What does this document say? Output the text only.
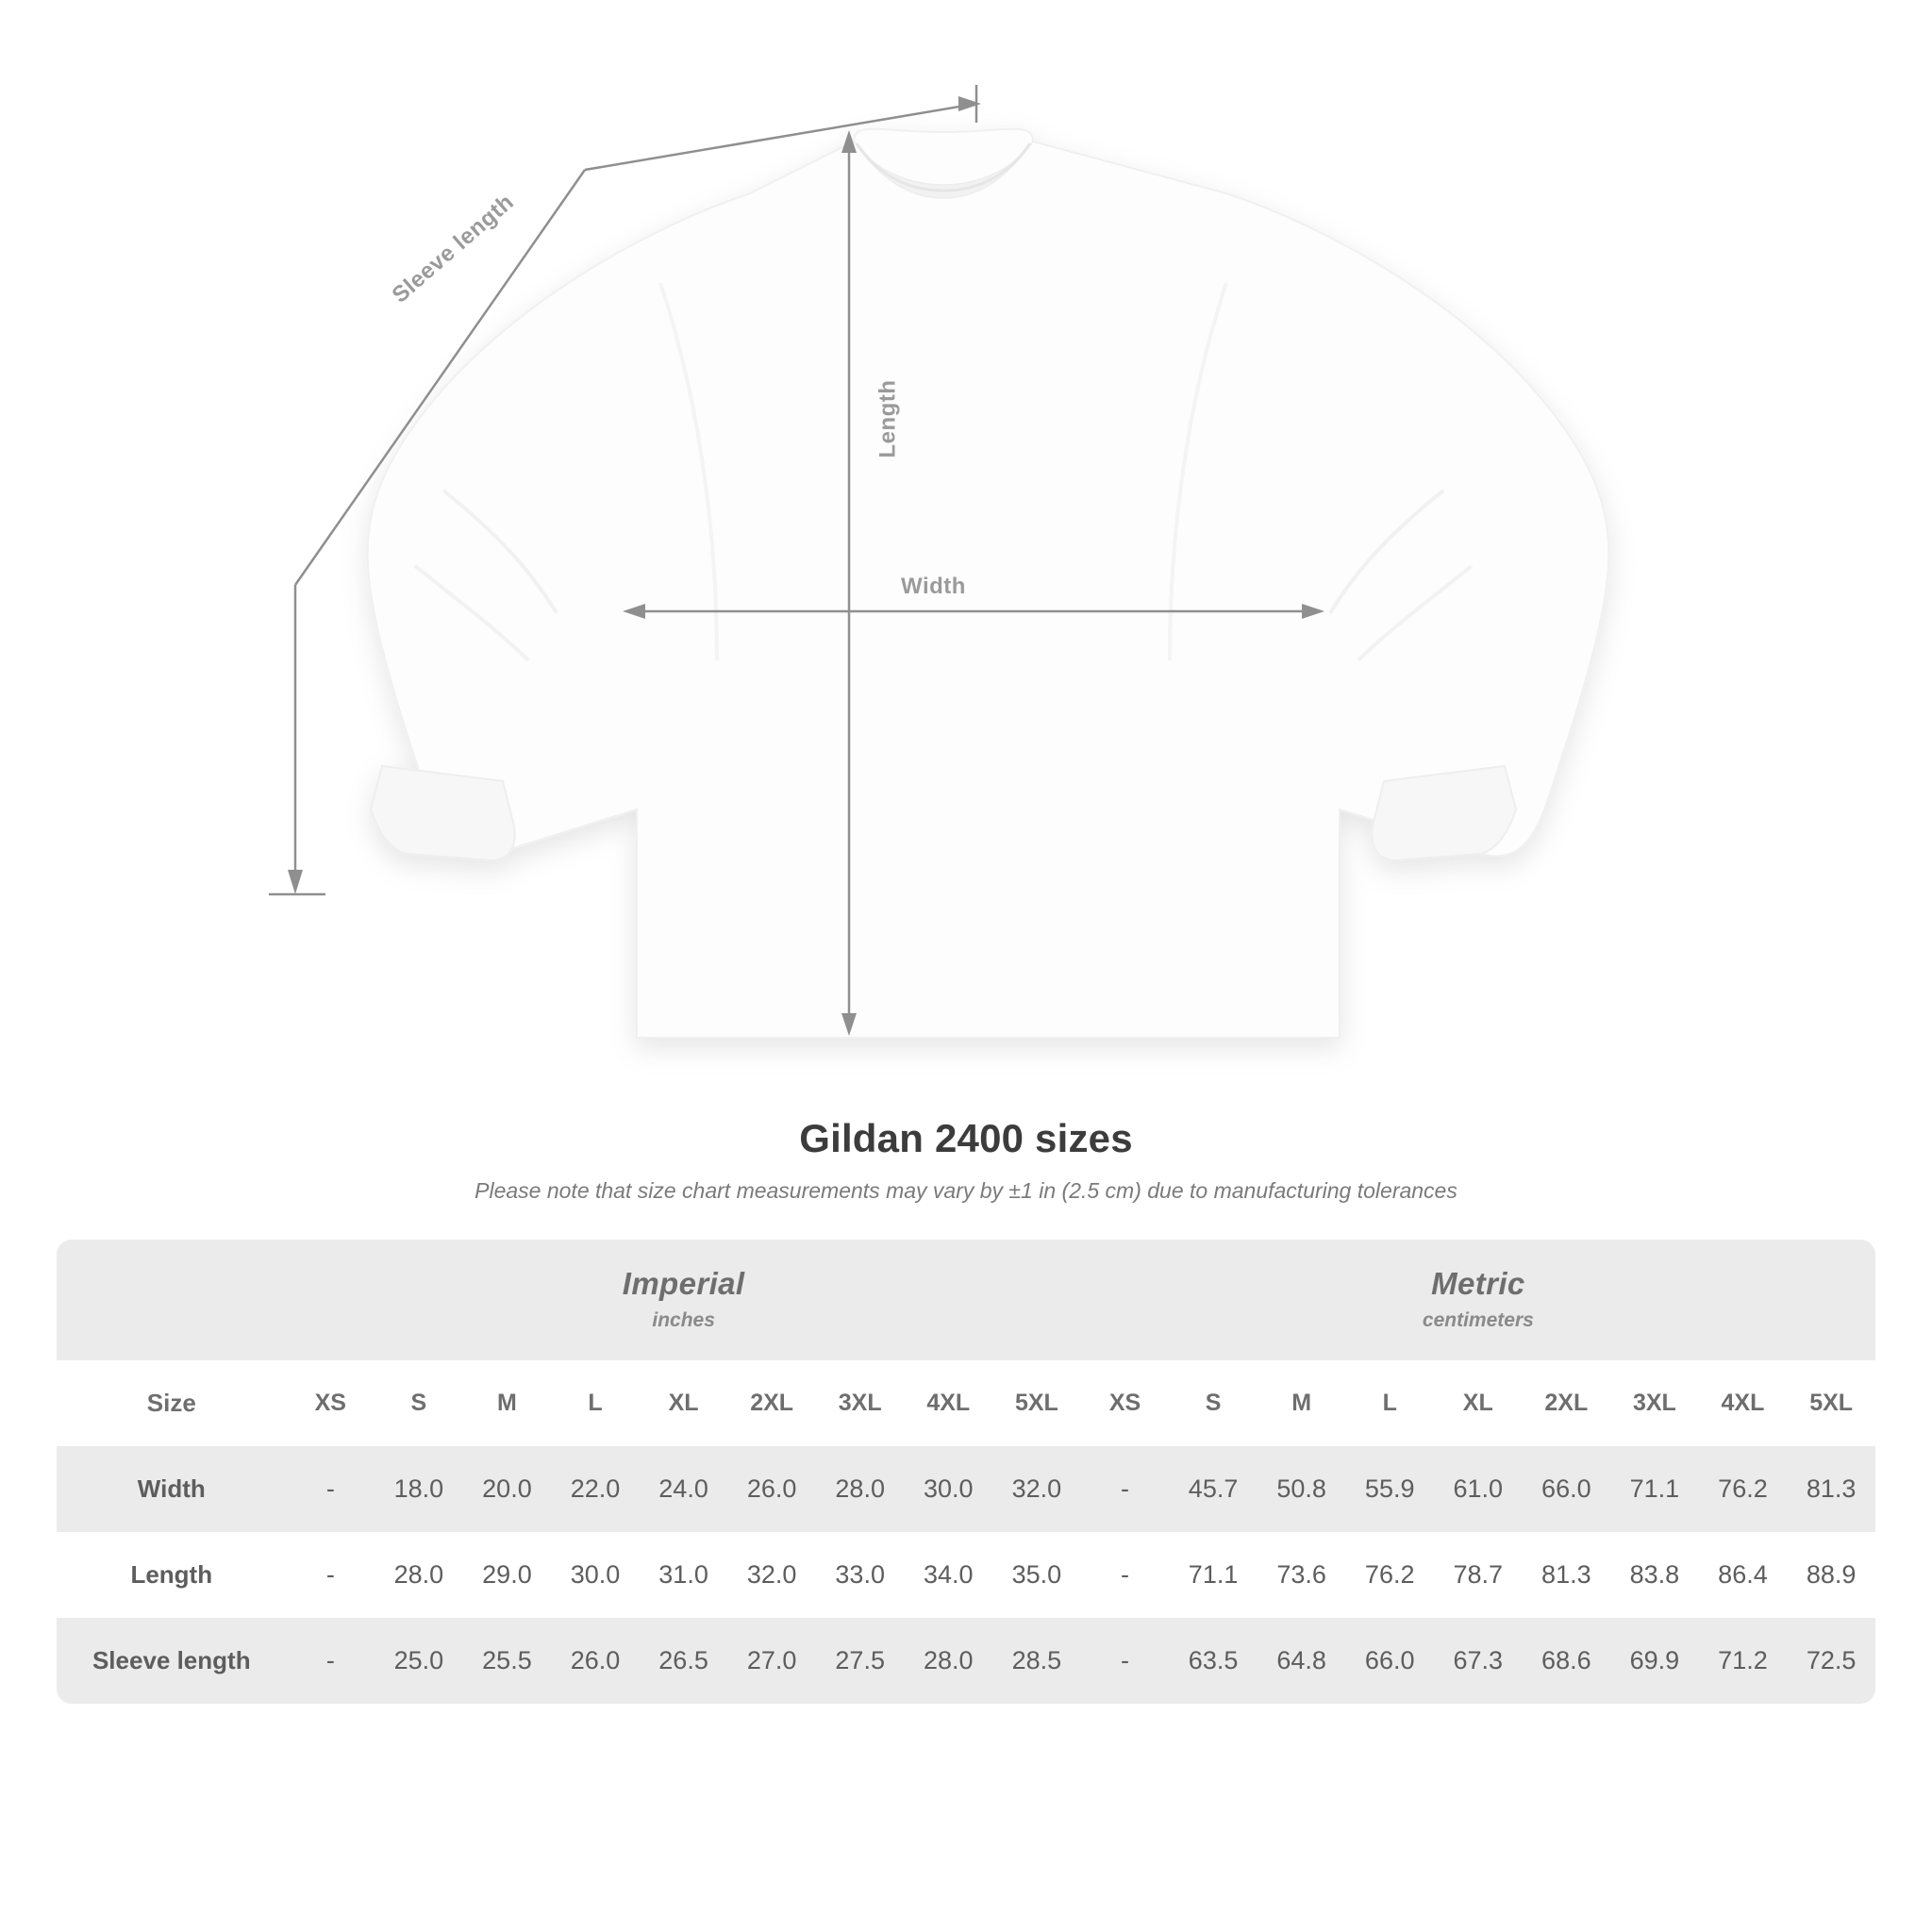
Length
Width
Sleeve length
Gildan 2400 sizes

Please note that size chart measurements may vary by ±1 in (2.5 cm) due to manufacturing tolerances

	Imperial
inches									Metric
centimeters								

Size	XS	S	M	L	XL	2XL	3XL	4XL	5XL	XS	S	M	L	XL	2XL	3XL	4XL	5XL
Width	-	18.0	20.0	22.0	24.0	26.0	28.0	30.0	32.0	-	45.7	50.8	55.9	61.0	66.0	71.1	76.2	81.3
Length	-	28.0	29.0	30.0	31.0	32.0	33.0	34.0	35.0	-	71.1	73.6	76.2	78.7	81.3	83.8	86.4	88.9
Sleeve length	-	25.0	25.5	26.0	26.5	27.0	27.5	28.0	28.5	-	63.5	64.8	66.0	67.3	68.6	69.9	71.2	72.5
